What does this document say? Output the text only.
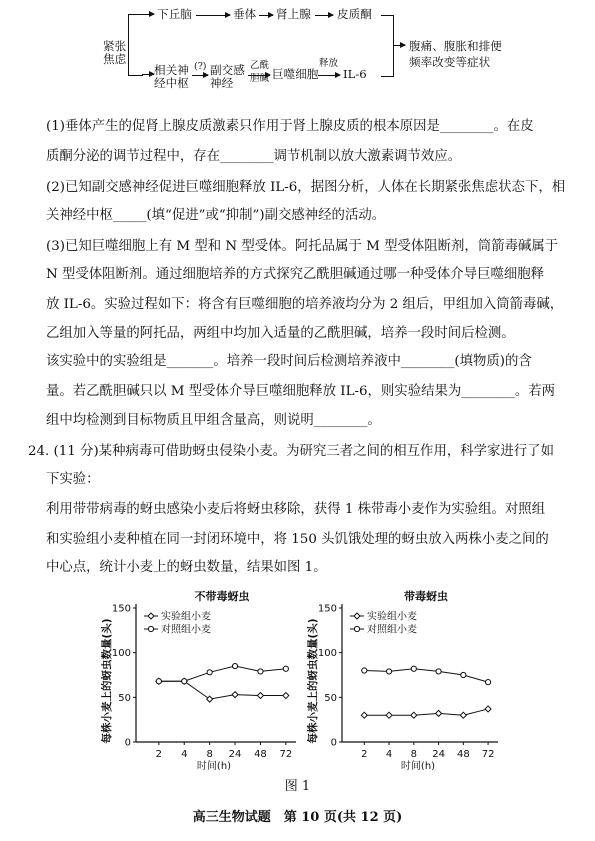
紧张
焦虑
下丘脑	垂体 肾上腺 皮质酮
相关神
经中枢
(?) 副交感
神经
乙酰
胆碱 巨噬细胞
释放
IL-6
腹痛、腹胀和排便
频率改变等症状
(1)垂体产生的促肾上腺皮质激素只作用于肾上腺皮质的根本原因是________。在皮
质酮分泌的调节过程中，存在________调节机制以放大激素调节效应。
(2)已知副交感神经促进巨噬细胞释放 IL-6，据图分析，人体在长期紧张焦虑状态下，相
关神经中枢_____(填“促进”或“抑制”)副交感神经的活动。
(3)已知巨噬细胞上有 M 型和 N 型受体。阿托品属于 M 型受体阻断剂，筒箭毒碱属于
N 型受体阻断剂。通过细胞培养的方式探究乙酰胆碱通过哪一种受体介导巨噬细胞释
放 IL-6。实验过程如下：将含有巨噬细胞的培养液均分为 2 组后，甲组加入筒箭毒碱，
乙组加入等量的阿托品，两组中均加入适量的乙酰胆碱，培养一段时间后检测。
该实验中的实验组是_______。培养一段时间后检测培养液中________(填物质)的含
量。若乙酰胆碱只以 M 型受体介导巨噬细胞释放 IL-6，则实验结果为________。若两
组中均检测到目标物质且甲组含量高，则说明________。
24. (11 分)某种病毒可借助蚜虫侵染小麦。为研究三者之间的相互作用，科学家进行了如
下实验：
利用带带病毒的蚜虫感染小麦后将蚜虫移除，获得 1 株带毒小麦作为实验组。对照组
和实验组小麦种植在同一封闭环境中，将 150 头饥饿处理的蚜虫放入两株小麦之间的
中心点，统计小麦上的蚜虫数量，结果如图 1。
不带毒蚜虫
0
50
100
150
2 4 8 24 48 72
时间(h)
每株小麦上的蚜虫数量(头)
实验组小麦
对照组小麦
带毒蚜虫
0
50
100
150
2 4 8 24 48 72
时间(h)
每株小麦上的蚜虫数量(头)
实验组小麦
对照组小麦
图 1
高三生物试题　第 10 页(共 12 页)
